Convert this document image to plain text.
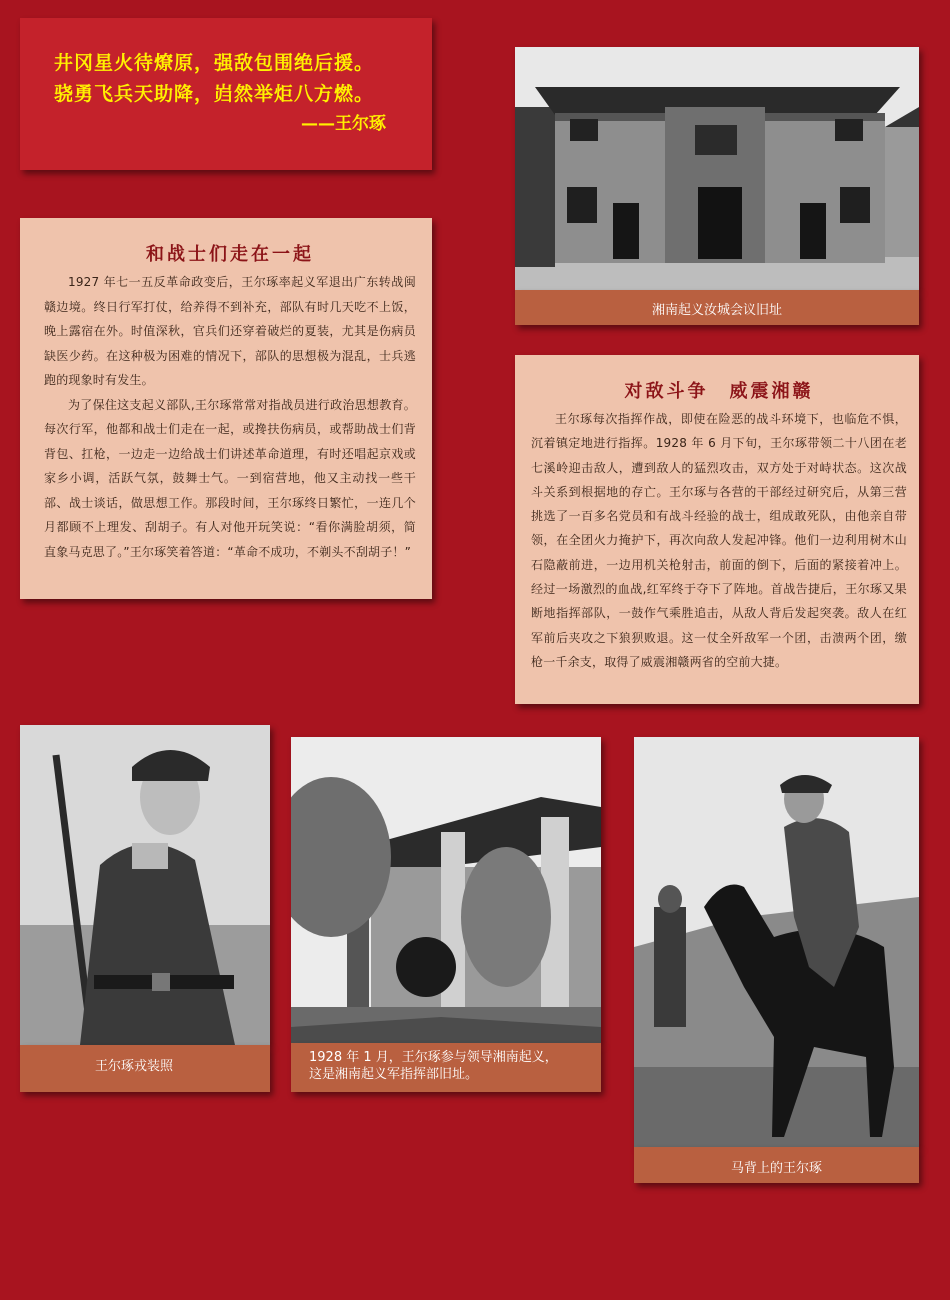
井冈星火待燎原，强敌包围绝后援。
骁勇飞兵天助降，岿然举炬八方燃。
——王尔琢
湘南起义汝城会议旧址
和战士们走在一起

1927 年七一五反革命政变后，王尔琢率起义军退出广东转战闽赣边境。终日行军打仗，给养得不到补充，部队有时几天吃不上饭，晚上露宿在外。时值深秋，官兵们还穿着破烂的夏装，尤其是伤病员缺医少药。在这种极为困难的情况下，部队的思想极为混乱，士兵逃跑的现象时有发生。

为了保住这支起义部队,王尔琢常常对指战员进行政治思想教育。每次行军，他都和战士们走在一起，或搀扶伤病员，或帮助战士们背背包、扛枪，一边走一边给战士们讲述革命道理，有时还唱起京戏或家乡小调，活跃气氛，鼓舞士气。一到宿营地，他又主动找一些干部、战士谈话，做思想工作。那段时间，王尔琢终日繁忙，一连几个月都顾不上理发、刮胡子。有人对他开玩笑说：“看你满脸胡须，简直象马克思了。”王尔琢笑着答道：“革命不成功，不剃头不刮胡子！”

对敌斗争　威震湘赣

王尔琢每次指挥作战，即使在险恶的战斗环境下，也临危不惧，沉着镇定地进行指挥。1928 年 6 月下旬，王尔琢带领二十八团在老七溪岭迎击敌人，遭到敌人的猛烈攻击，双方处于对峙状态。这次战斗关系到根据地的存亡。王尔琢与各营的干部经过研究后，从第三营挑选了一百多名党员和有战斗经验的战士，组成敢死队，由他亲自带领，在全团火力掩护下，再次向敌人发起冲锋。他们一边利用树木山石隐蔽前进，一边用机关枪射击，前面的倒下，后面的紧接着冲上。经过一场激烈的血战,红军终于夺下了阵地。首战告捷后，王尔琢又果断地指挥部队，一鼓作气乘胜追击，从敌人背后发起突袭。敌人在红军前后夹攻之下狼狈败退。这一仗全歼敌军一个团，击溃两个团，缴枪一千余支，取得了威震湘赣两省的空前大捷。

王尔琢戎装照
1928 年 1 月，王尔琢参与领导湘南起义，
这是湘南起义军指挥部旧址。
马背上的王尔琢
